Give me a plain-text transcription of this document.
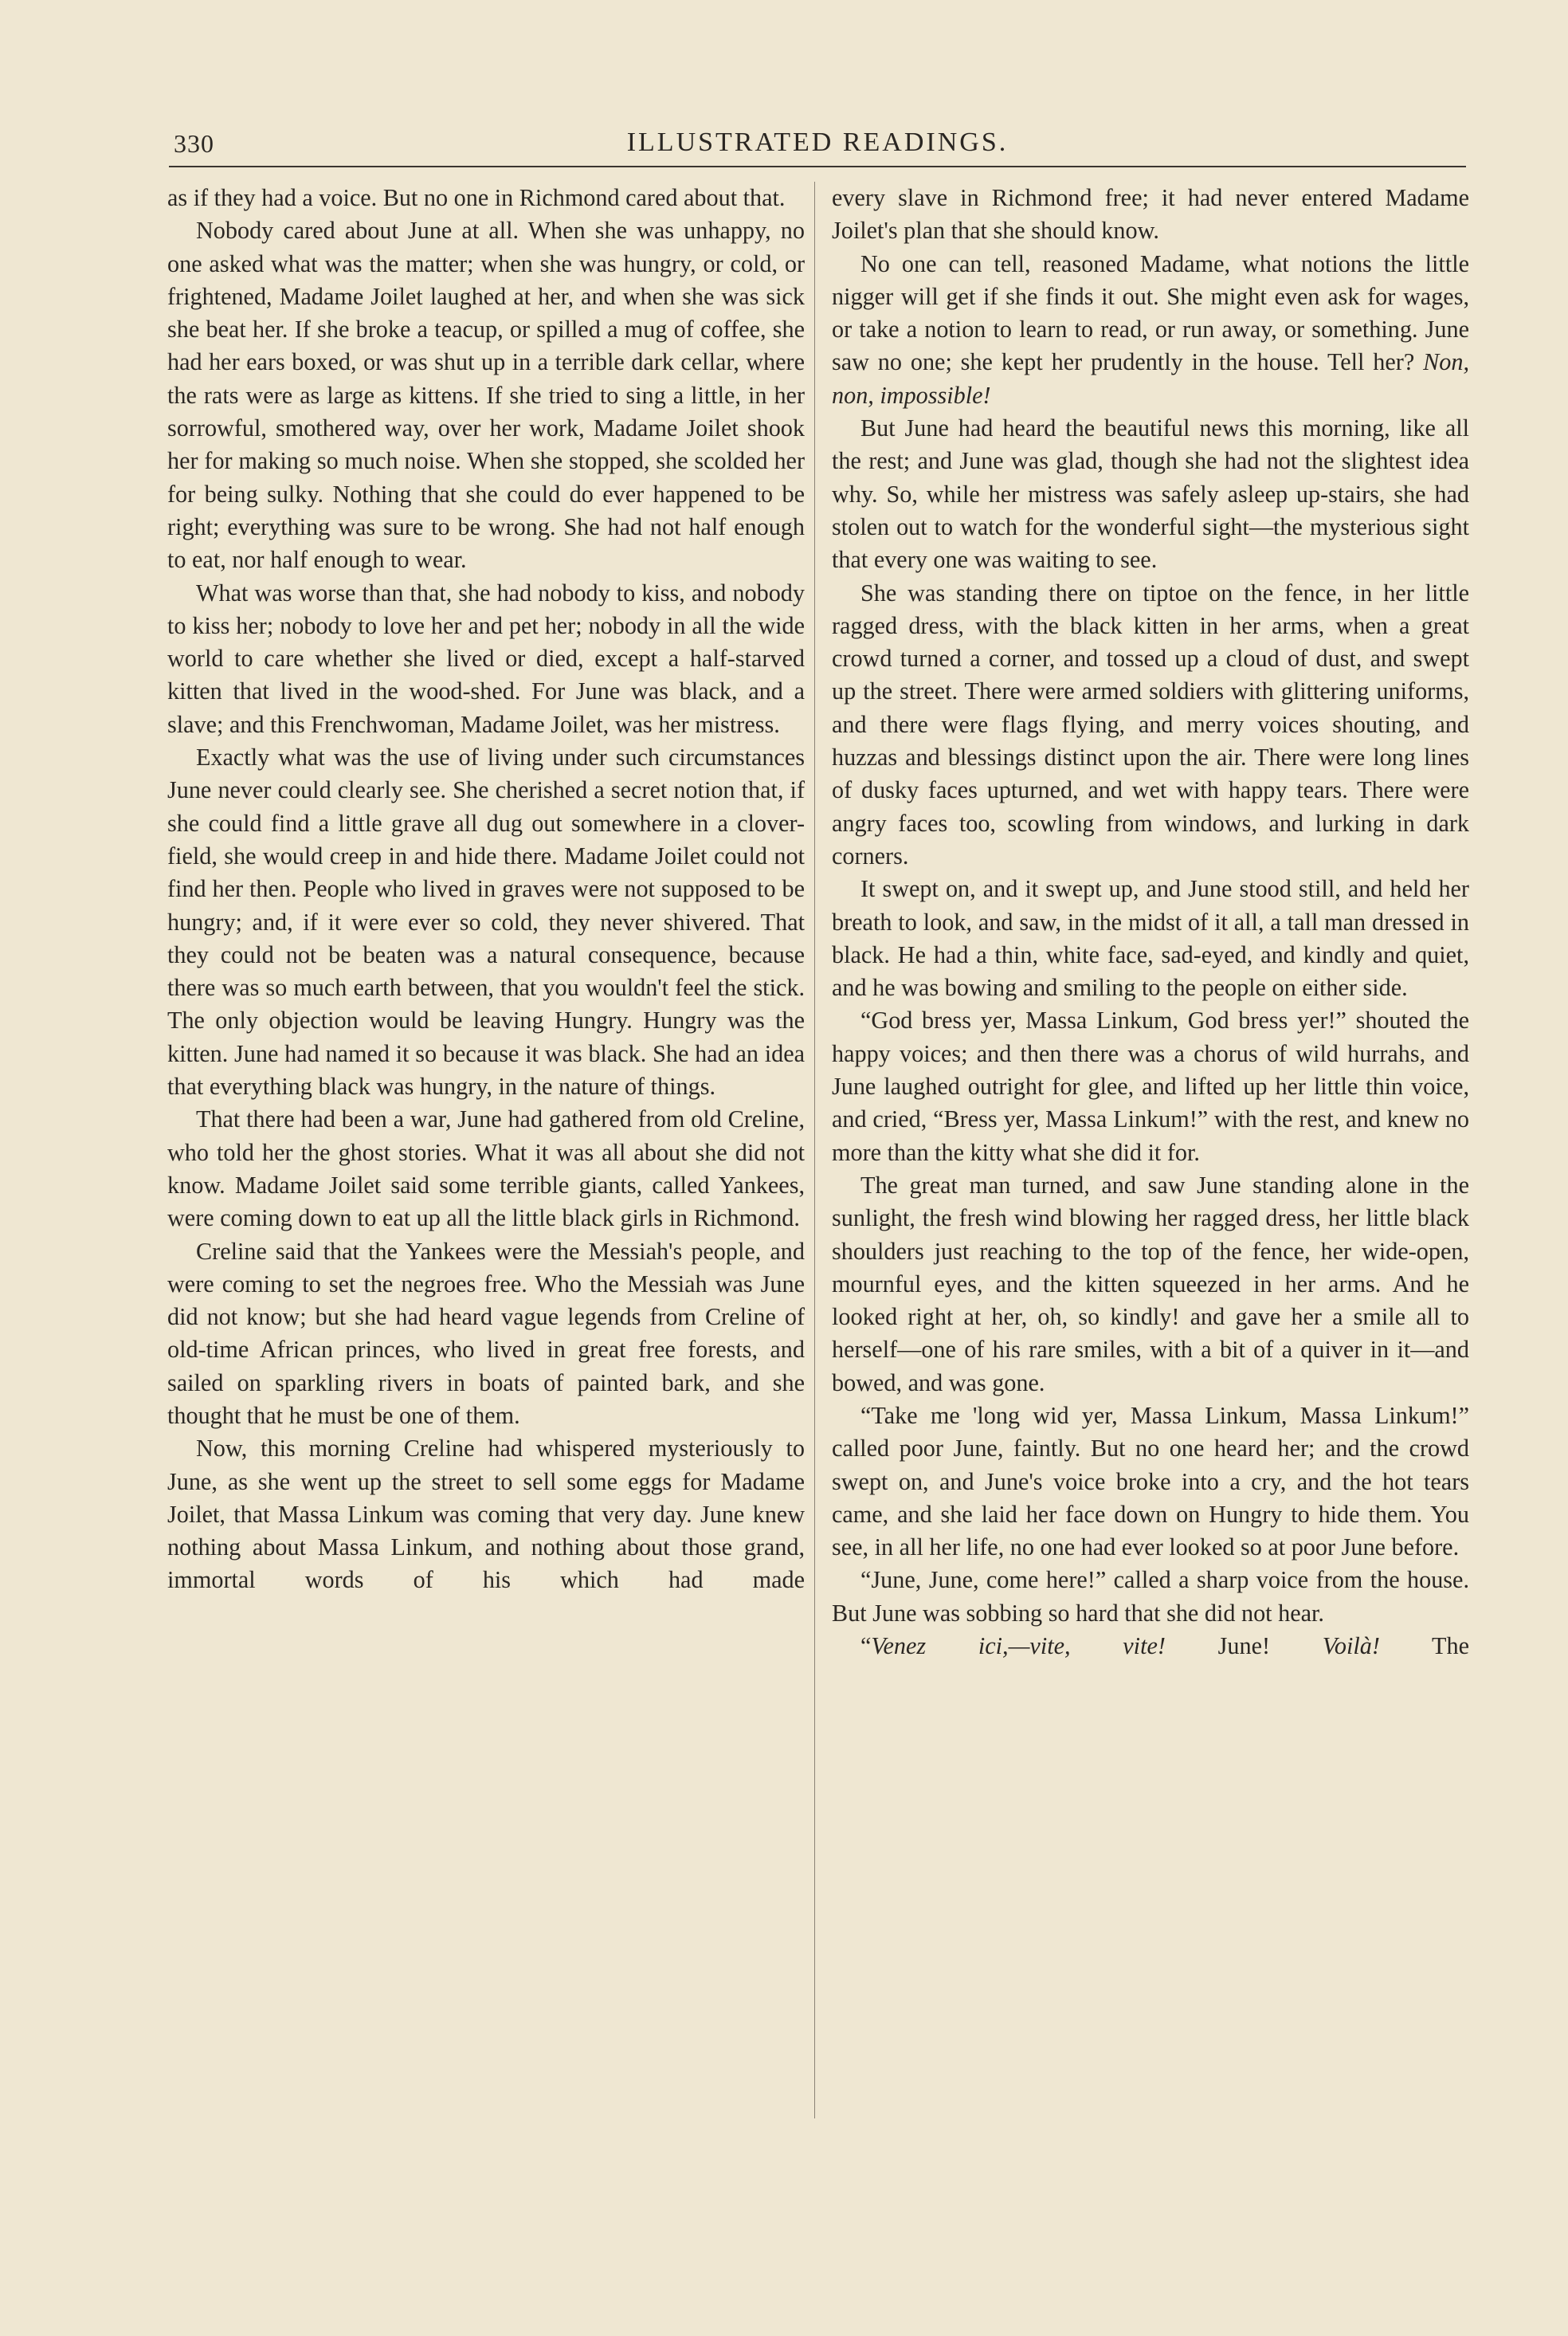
330	ILLUSTRATED READINGS.

as if they had a voice. But no one in Richmond cared about that.

Nobody cared about June at all. When she was unhappy, no one asked what was the matter; when she was hungry, or cold, or frightened, Madame Joilet laughed at her, and when she was sick she beat her. If she broke a teacup, or spilled a mug of coffee, she had her ears boxed, or was shut up in a terrible dark cellar, where the rats were as large as kittens. If she tried to sing a little, in her sorrowful, smothered way, over her work, Madame Joilet shook her for making so much noise. When she stopped, she scolded her for being sulky. Nothing that she could do ever happened to be right; everything was sure to be wrong. She had not half enough to eat, nor half enough to wear.

What was worse than that, she had nobody to kiss, and nobody to kiss her; nobody to love her and pet her; nobody in all the wide world to care whether she lived or died, except a half-starved kitten that lived in the wood-shed. For June was black, and a slave; and this Frenchwoman, Madame Joilet, was her mistress.

Exactly what was the use of living under such circumstances June never could clearly see. She cherished a secret notion that, if she could find a little grave all dug out somewhere in a clover-field, she would creep in and hide there. Madame Joilet could not find her then. People who lived in graves were not supposed to be hungry; and, if it were ever so cold, they never shivered. That they could not be beaten was a natural consequence, because there was so much earth between, that you wouldn't feel the stick. The only objection would be leaving Hungry. Hungry was the kitten. June had named it so because it was black. She had an idea that everything black was hungry, in the nature of things.

That there had been a war, June had gathered from old Creline, who told her the ghost stories. What it was all about she did not know. Madame Joilet said some terrible giants, called Yankees, were coming down to eat up all the little black girls in Richmond.

Creline said that the Yankees were the Messiah's people, and were coming to set the negroes free. Who the Messiah was June did not know; but she had heard vague legends from Creline of old-time African princes, who lived in great free forests, and sailed on sparkling rivers in boats of painted bark, and she thought that he must be one of them.

Now, this morning Creline had whispered mysteriously to June, as she went up the street to sell some eggs for Madame Joilet, that Massa Linkum was coming that very day. June knew nothing about Massa Linkum, and nothing about those grand, immortal words of his which had made

every slave in Richmond free; it had never entered Madame Joilet's plan that she should know.

No one can tell, reasoned Madame, what notions the little nigger will get if she finds it out. She might even ask for wages, or take a notion to learn to read, or run away, or something. June saw no one; she kept her prudently in the house. Tell her? Non, non, impossible!

But June had heard the beautiful news this morning, like all the rest; and June was glad, though she had not the slightest idea why. So, while her mistress was safely asleep up-stairs, she had stolen out to watch for the wonderful sight—the mysterious sight that every one was waiting to see.

She was standing there on tiptoe on the fence, in her little ragged dress, with the black kitten in her arms, when a great crowd turned a corner, and tossed up a cloud of dust, and swept up the street. There were armed soldiers with glittering uniforms, and there were flags flying, and merry voices shouting, and huzzas and blessings distinct upon the air. There were long lines of dusky faces upturned, and wet with happy tears. There were angry faces too, scowling from windows, and lurking in dark corners.

It swept on, and it swept up, and June stood still, and held her breath to look, and saw, in the midst of it all, a tall man dressed in black. He had a thin, white face, sad-eyed, and kindly and quiet, and he was bowing and smiling to the people on either side.

“God bress yer, Massa Linkum, God bress yer!” shouted the happy voices; and then there was a chorus of wild hurrahs, and June laughed outright for glee, and lifted up her little thin voice, and cried, “Bress yer, Massa Linkum!” with the rest, and knew no more than the kitty what she did it for.

The great man turned, and saw June standing alone in the sunlight, the fresh wind blowing her ragged dress, her little black shoulders just reaching to the top of the fence, her wide-open, mournful eyes, and the kitten squeezed in her arms. And he looked right at her, oh, so kindly! and gave her a smile all to herself—one of his rare smiles, with a bit of a quiver in it—and bowed, and was gone.

“Take me 'long wid yer, Massa Linkum, Massa Linkum!” called poor June, faintly. But no one heard her; and the crowd swept on, and June's voice broke into a cry, and the hot tears came, and she laid her face down on Hungry to hide them. You see, in all her life, no one had ever looked so at poor June before.

“June, June, come here!” called a sharp voice from the house. But June was sobbing so hard that she did not hear.

“Venez ici,—vite, vite! June! Voilà! The
